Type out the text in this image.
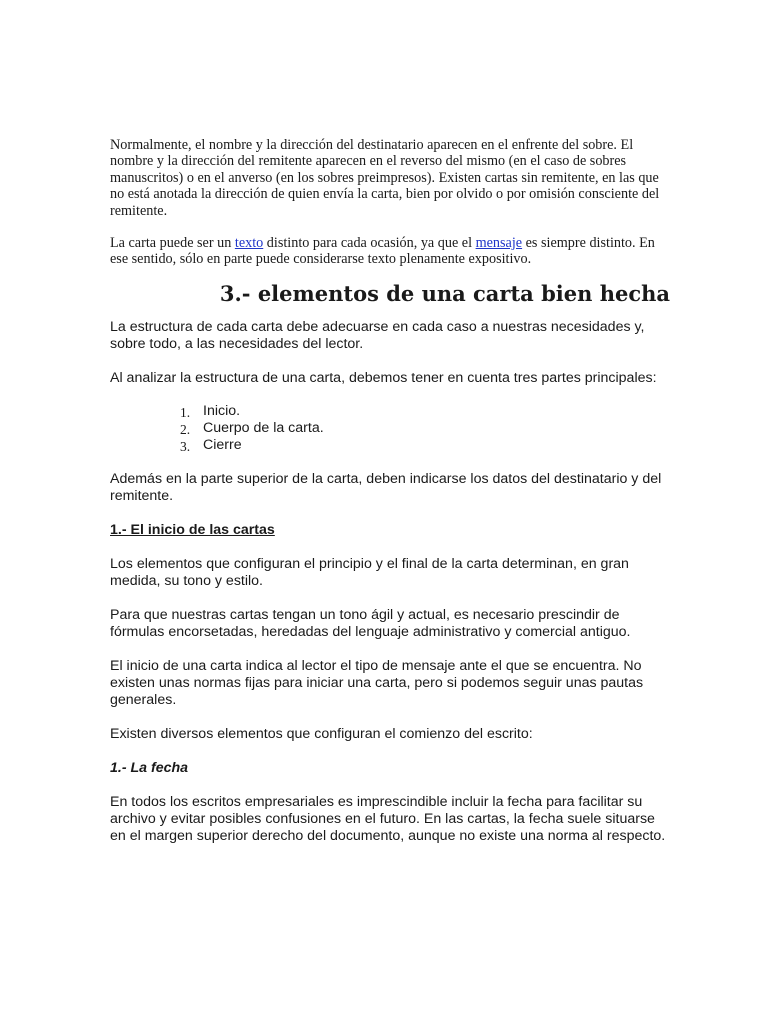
Normalmente, el nombre y la dirección del destinatario aparecen en el enfrente del sobre. El nombre y la dirección del remitente aparecen en el reverso del mismo (en el caso de sobres manuscritos) o en el anverso (en los sobres preimpresos). Existen cartas sin remitente, en las que no está anotada la dirección de quien envía la carta, bien por olvido o por omisión consciente del remitente.

La carta puede ser un texto distinto para cada ocasión, ya que el mensaje es siempre distinto. En ese sentido, sólo en parte puede considerarse texto plenamente expositivo.

3.- elementos de una carta bien hecha

La estructura de cada carta debe adecuarse en cada caso a nuestras necesidades y, sobre todo, a las necesidades del lector.

Al analizar la estructura de una carta, debemos tener en cuenta tres partes principales:

1. Inicio.
2. Cuerpo de la carta.
3. Cierre

Además en la parte superior de la carta, deben indicarse los datos del destinatario y del remitente.

1.- El inicio de las cartas

Los elementos que configuran el principio y el final de la carta determinan, en gran medida, su tono y estilo.

Para que nuestras cartas tengan un tono ágil y actual, es necesario prescindir de fórmulas encorsetadas, heredadas del lenguaje administrativo y comercial antiguo.

El inicio de una carta indica al lector el tipo de mensaje ante el que se encuentra. No existen unas normas fijas para iniciar una carta, pero si podemos seguir unas pautas generales.

Existen diversos elementos que configuran el comienzo del escrito:

1.- La fecha

En todos los escritos empresariales es imprescindible incluir la fecha para facilitar su archivo y evitar posibles confusiones en el futuro. En las cartas, la fecha suele situarse en el margen superior derecho del documento, aunque no existe una norma al respecto.
